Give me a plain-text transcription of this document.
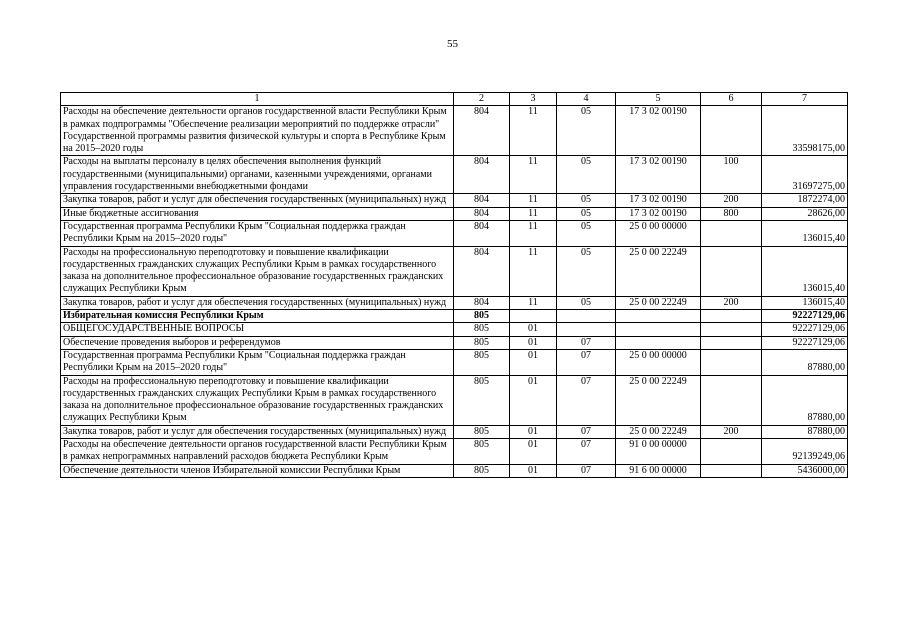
55
1	2	3	4	5	6	7
Расходы на обеспечение деятельности органов государственной власти Республики Крым в рамках подпрограммы "Обеспечение реализации мероприятий по поддержке отрасли" Государственной программы развития физической культуры и спорта в Республике Крым на 2015–2020 годы	804	11	05	17 3 02 00190		33598175,00
Расходы на выплаты персоналу в целях обеспечения выполнения функций государственными (муниципальными) органами, казенными учреждениями, органами управления государственными внебюджетными фондами	804	11	05	17 3 02 00190	100	31697275,00
Закупка товаров, работ и услуг для обеспечения государственных (муниципальных) нужд	804	11	05	17 3 02 00190	200	1872274,00
Иные бюджетные ассигнования	804	11	05	17 3 02 00190	800	28626,00
Государственная программа Республики Крым "Социальная поддержка граждан Республики Крым на 2015–2020 годы"	804	11	05	25 0 00 00000		136015,40
Расходы на профессиональную переподготовку и повышение квалификации государственных гражданских служащих Республики Крым в рамках государственного заказа на дополнительное профессиональное образование государственных гражданских служащих Республики Крым	804	11	05	25 0 00 22249		136015,40
Закупка товаров, работ и услуг для обеспечения государственных (муниципальных) нужд	804	11	05	25 0 00 22249	200	136015,40
Избирательная комиссия Республики Крым	805					92227129,06
ОБЩЕГОСУДАРСТВЕННЫЕ ВОПРОСЫ	805	01				92227129,06
Обеспечение проведения выборов и референдумов	805	01	07			92227129,06
Государственная программа Республики Крым "Социальная поддержка граждан Республики Крым на 2015–2020 годы"	805	01	07	25 0 00 00000		87880,00
Расходы на профессиональную переподготовку и повышение квалификации государственных гражданских служащих Республики Крым в рамках государственного заказа на дополнительное профессиональное образование государственных гражданских служащих Республики Крым	805	01	07	25 0 00 22249		87880,00
Закупка товаров, работ и услуг для обеспечения государственных (муниципальных) нужд	805	01	07	25 0 00 22249	200	87880,00
Расходы на обеспечение деятельности органов государственной власти Республики Крым в рамках непрограммных направлений расходов бюджета Республики Крым	805	01	07	91 0 00 00000		92139249,06
Обеспечение деятельности членов Избирательной комиссии Республики Крым	805	01	07	91 6 00 00000		5436000,00
